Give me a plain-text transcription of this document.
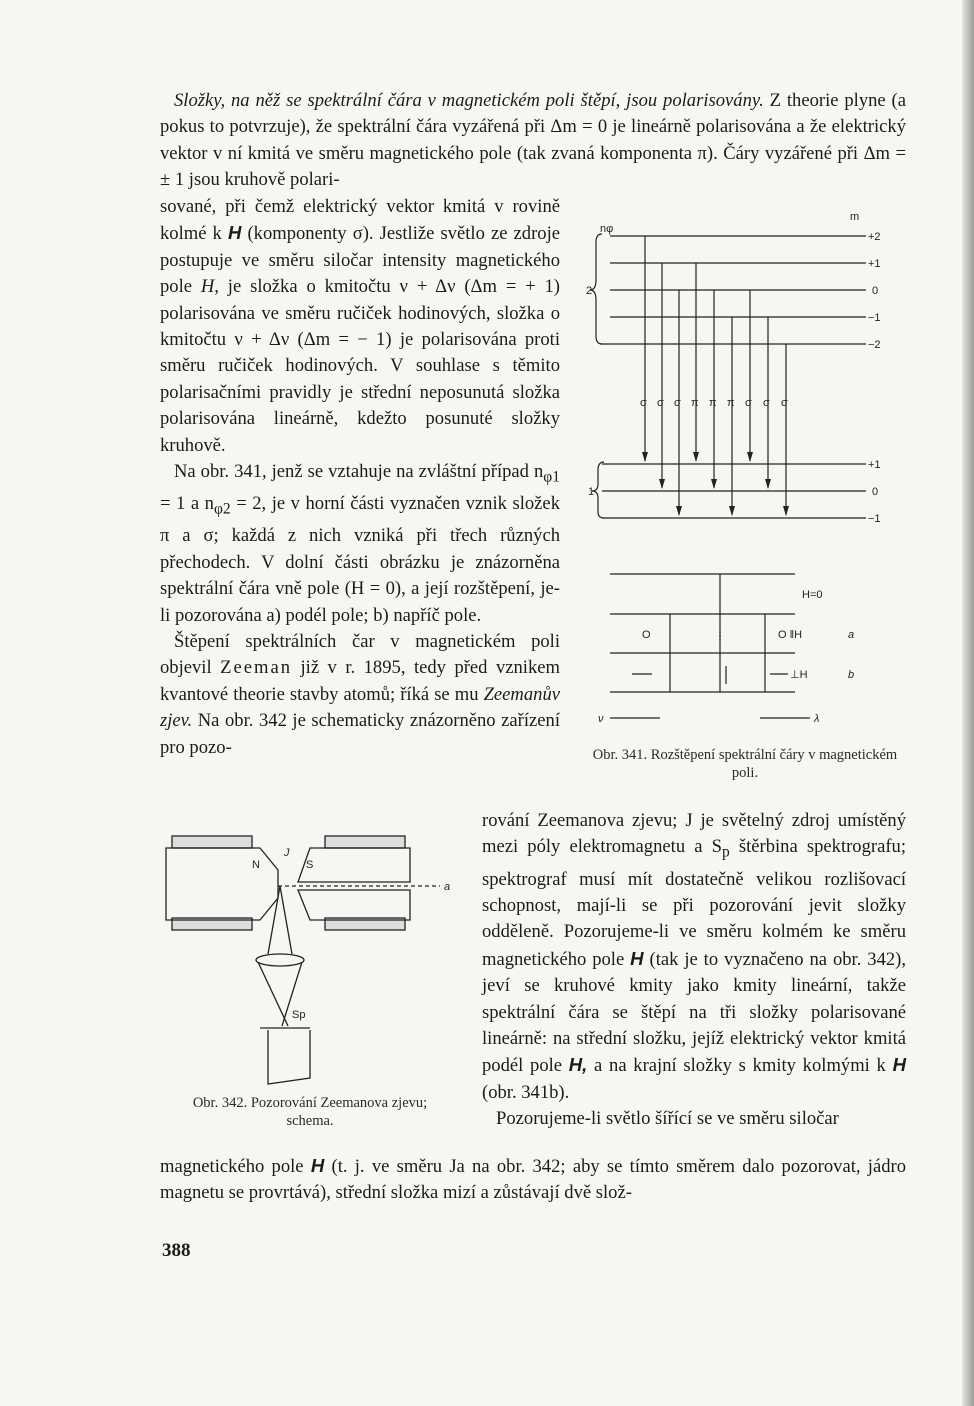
Složky, na něž se spektrální čára v magnetickém poli štěpí, jsou polarisovány. Z theorie plyne (a pokus to potvrzuje), že spektrální čára vyzářená při Δm = 0 je lineárně polarisována a že elektrický vektor v ní kmitá ve směru magnetického pole (tak zvaná komponenta π). Čáry vyzářené při Δm = ± 1 jsou kruhově polari-

sované, při čemž elektrický vektor kmitá v rovině kolmé k H (komponenty σ). Jestliže světlo ze zdroje postupuje ve směru siločar intensity magnetického pole H, je složka o kmitočtu ν + Δν (Δm = + 1) polarisována ve směru ručiček hodinových, složka o kmitočtu ν + Δν (Δm = − 1) je polarisována proti směru ručiček hodinových. V souhlase s těmito polarisačními pravidly je střední neposunutá složka polarisována lineárně, kdežto posunuté složky kruhově.

Na obr. 341, jenž se vztahuje na zvláštní případ $n_{\varphi 1} = 1$ a $n_{\varphi 2} = 2$, je v horní části vyznačen vznik složek π a σ; každá z nich vzniká při třech různých přechodech. V dolní části obrázku je znázorněna spektrální čára vně pole (H = 0), a její rozštěpení, je-li pozorována a) podél pole; b) napříč pole.

Štěpení spektrálních čar v magnetickém poli objevil Zeeman již v r. 1895, tedy před vznikem kvantové theorie stavby atomů; říká se mu Zeemanův zjev. Na obr. 342 je schematicky znázorněno zařízení pro pozo-

nφ
m
2
1
+2
+1
0
−1
−2
+1
0
−1
σ σ σ π π π σ σ σ
H=0
O	O ‖H	a
⊥H	b
ν	λ
Obr. 341. Rozštěpení spektrální čáry v magnetickém poli.
N
J
S
a
Sp
Obr. 342. Pozorování Zeemanova zjevu; schema.

rování Zeemanova zjevu; J je světelný zdroj umístěný mezi póly elektromagnetu a $S_p$ štěrbina spektrografu; spektrograf musí mít dostatečně velikou rozlišovací schopnost, mají-li se při pozorování jevit složky odděleně. Pozorujeme-li ve směru kolmém ke směru magnetického pole H (tak je to vyznačeno na obr. 342), jeví se kruhové kmity jako kmity lineární, takže spektrální čára se štěpí na tři složky polarisované lineárně: na střední složku, jejíž elektrický vektor kmitá podél pole H, a na krajní složky s kmity kolmými k H (obr. 341b).

Pozorujeme-li světlo šířící se ve směru siločar

magnetického pole H (t. j. ve směru Ja na obr. 342; aby se tímto směrem dalo pozorovat, jádro magnetu se provrtává), střední složka mizí a zůstávají dvě slož-

388
